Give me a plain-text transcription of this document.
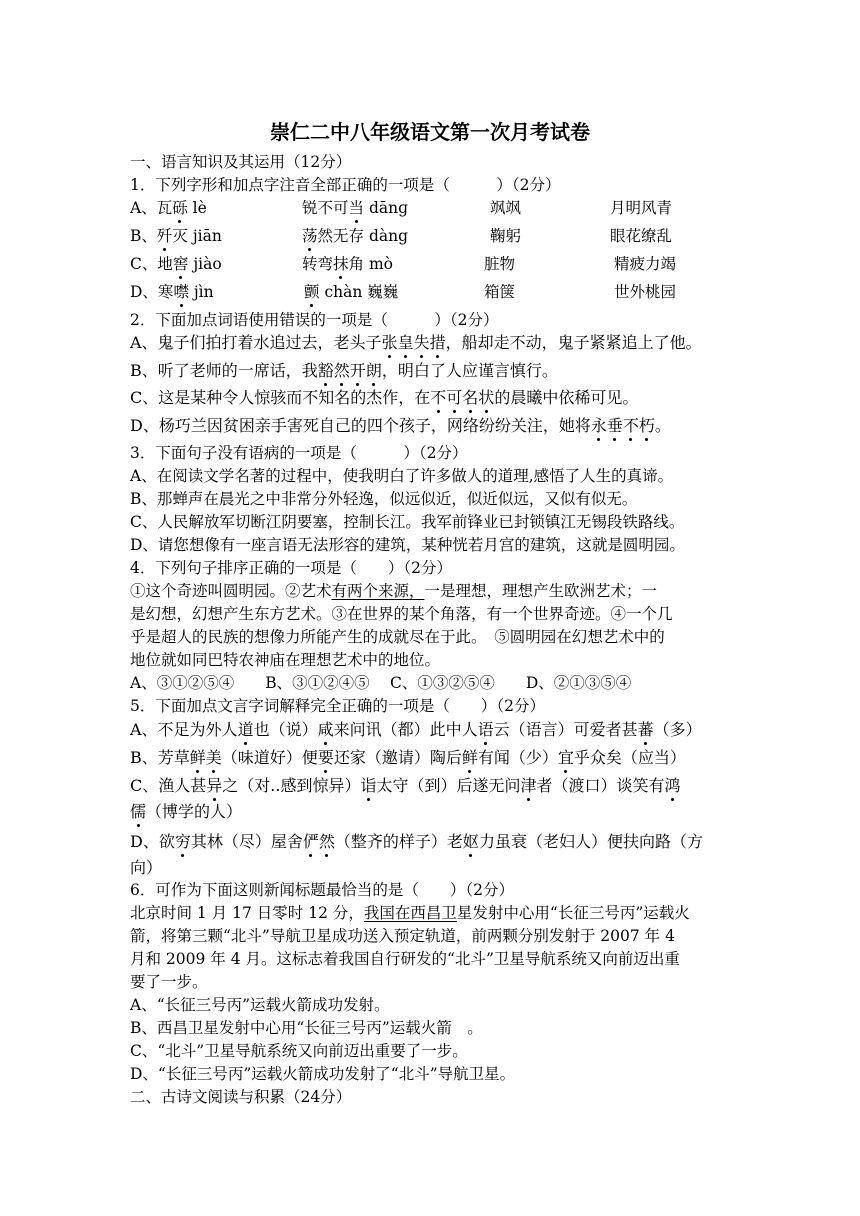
崇仁二中八年级语文第一次月考试卷
一、语言知识及其运用（12分）
1．下列字形和加点字注音全部正确的一项是（　　　）（2分）
A、瓦砾 lè	锐不可当 dānɡ	飒飒	月明风青
B、歼灭 jiān	荡然无存 dàng	鞠躬	眼花缭乱
C、地窖 jiào	转弯抹角 mò	脏物	精疲力竭
D、寒噤 jìn	颤 chàn 巍巍	箱箧	世外桃园
2．下面加点词语使用错误的一项是（　　　）（2分）
A、鬼子们拍打着水追过去，老头子张皇失措，船却走不动，鬼子紧紧追上了他。
B、听了老师的一席话，我豁然开朗，明白了人应谨言慎行。
C、这是某种令人惊骇而不知名的杰作，在不可名状的晨曦中依稀可见。
D、杨巧兰因贫困亲手害死自己的四个孩子，网络纷纷关注，她将永垂不朽。
3．下面句子没有语病的一项是（　　　）（2分）
A、在阅读文学名著的过程中，使我明白了许多做人的道理,感悟了人生的真谛。
B、那蝉声在晨光之中非常分外轻逸，似远似近，似近似远，又似有似无。
C、人民解放军切断江阴要塞，控制长江。我军前锋业已封锁镇江无锡段铁路线。
D、请您想像有一座言语无法形容的建筑，某种恍若月宫的建筑，这就是圆明园。
4．下列句子排序正确的一项是（　　）（2分）
①这个奇迹叫圆明园。②艺术有两个来源，一是理想，理想产生欧洲艺术；一
是幻想，幻想产生东方艺术。③在世界的某个角落，有一个世界奇迹。④一个几
乎是超人的民族的想像力所能产生的成就尽在于此。　⑤圆明园在幻想艺术中的
地位就如同巴特农神庙在理想艺术中的地位。
A、③①②⑤④　　B、③①②④⑤　 C、①③②⑤④　　D、②①③⑤④
5．下面加点文言字词解释完全正确的一项是（　　）（2分）
A、不足为外人道也（说）咸来问讯（都）此中人语云（语言）可爱者甚蕃（多）
B、芳草鲜美（味道好）便要还家（邀请）陶后鲜有闻（少）宜乎众矣（应当）
C、渔人甚异之（对..感到惊异）诣太守（到）后遂无问津者（渡口）谈笑有鸿
儒（博学的人）
D、欲穷其林（尽）屋舍俨然（整齐的样子）老妪力虽衰（老妇人）便扶向路（方
向）
6．可作为下面这则新闻标题最恰当的是（　　）（2分）
北京时间 1 月 17 日零时 12 分，我国在西昌卫星发射中心用“长征三号丙”运载火
箭，将第三颗“北斗”导航卫星成功送入预定轨道，前两颗分别发射于 2007 年 4
月和 2009 年 4 月。这标志着我国自行研发的“北斗”卫星导航系统又向前迈出重
要了一步。
A、“长征三号丙”运载火箭成功发射。
B、西昌卫星发射中心用“长征三号丙”运载火箭　。
C、“北斗”卫星导航系统又向前迈出重要了一步。
D、“长征三号丙”运载火箭成功发射了“北斗”导航卫星。
二、古诗文阅读与积累（24分）
